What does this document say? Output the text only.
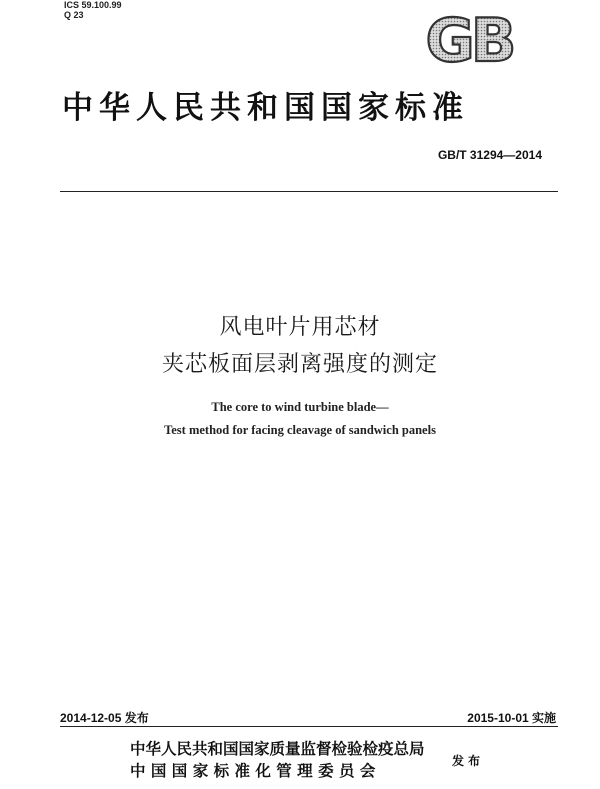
ICS 59.100.99
Q 23	GB
中华人民共和国国家标准
GB/T 31294—2014
风电叶片用芯材
夹芯板面层剥离强度的测定
The core to wind turbine blade—
Test method for facing cleavage of sandwich panels
2014-12-05 发布	2015-10-01 实施
中华人民共和国国家质量监督检验检疫总局
中 国 国 家 标 准 化 管 理 委 员 会
发布
